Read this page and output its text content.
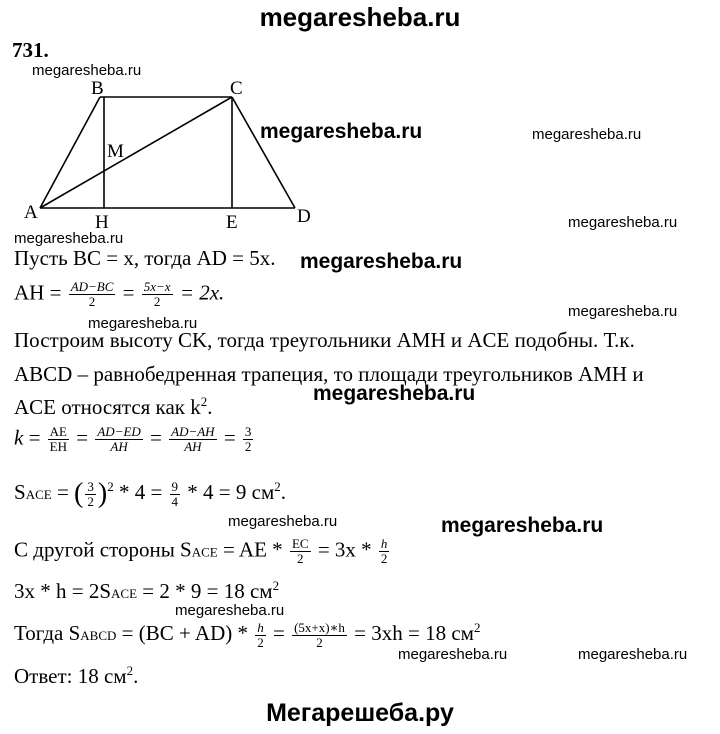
megaresheba.ru
731.
A
B	C
D
M
H	E
megaresheba.ru
megaresheba.ru	megaresheba.ru
megaresheba.ru
megaresheba.ru
megaresheba.ru
megaresheba.ru
megaresheba.ru
megaresheba.ru
megaresheba.ru	megaresheba.ru
megaresheba.ru
megaresheba.ru	megaresheba.ru
Пусть BC = x, тогда AD = 5x.
AH = $\frac{AD-BC}{2} = \frac{5x-x}{2} = 2x$.
Построим высоту CK, тогда треугольники AMH и ACE подобны. Т.к.
ABCD – равнобедренная трапеция, то площади треугольников AMH и
ACE относятся как $k^2$.
$k = \frac{AE}{EH} = \frac{AD-ED}{AH} = \frac{AD-AH}{AH} = \frac{3}{2}$
SACE = ( $\frac{3}{2} )^2 * 4 = \frac{9}{4} * 4 = 9$ $см^2$.
С другой стороны SACE = AE * $\frac{EC}{2} = 3x * \frac{h}{2}$
3x * h = 2SACE = 2 * 9 = 18 $см^2$
Тогда SABCD = $(BC + AD) * \frac{h}{2} = \frac{(5x+x)∗h}{2} = 3xh = 18$ $см^2$
Ответ: 18 $см^2$.
Мегарешеба.ру
